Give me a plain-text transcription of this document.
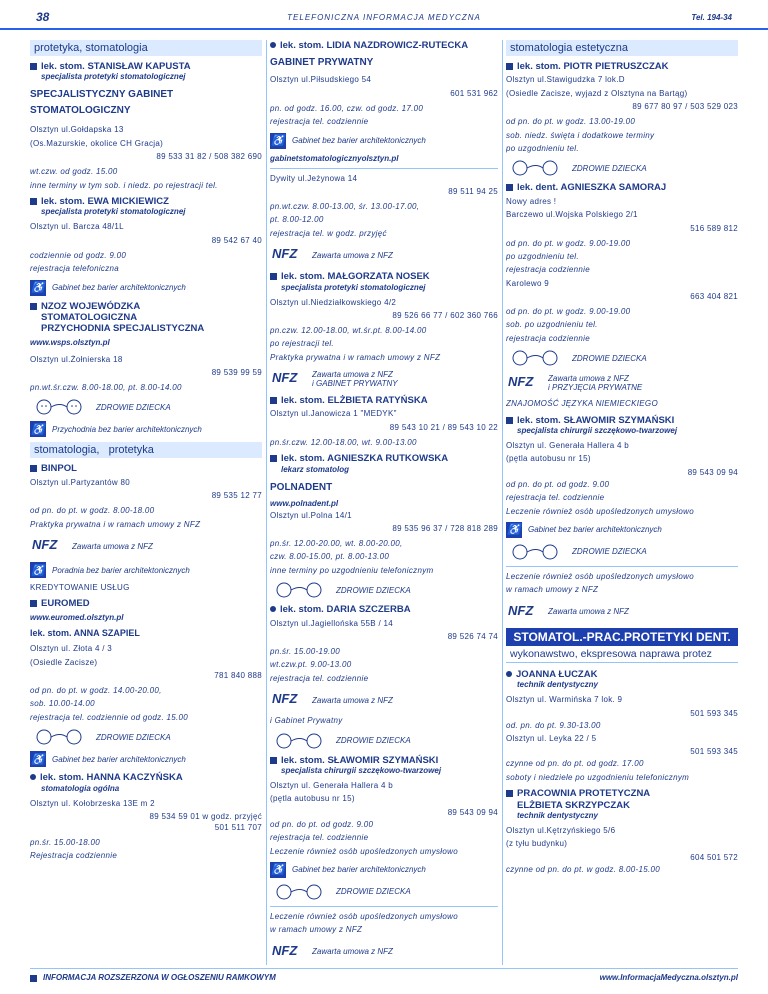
38	TELEFONICZNA INFORMACJA MEDYCZNA	Tel. 194-34
protetyka, stomatologia
lek. stom. STANISŁAW KAPUSTA
specjalista protetyki stomatologicznej
SPECJALISTYCZNY GABINET
STOMATOLOGICZNY
Olsztyn ul.Gołdapska 13
(Os.Mazurskie, okolice CH Gracja)
89 533 31 82 / 508 382 690
wt.czw. od godz. 15.00
inne terminy w tym sob. i niedz. po rejestracji tel.
lek. stom. EWA MICKIEWICZ
specjalista protetyki stomatologicznej
Olsztyn ul. Barcza 48/1L
89 542 67 40
codziennie od godz. 9.00
rejestracja telefoniczna
♿ Gabinet bez barier architektonicznych
NZOZ WOJEWÓDZKA
STOMATOLOGICZNA
PRZYCHODNIA SPECJALISTYCZNA
www.wsps.olsztyn.pl
Olsztyn ul.Żołnierska 18
89 539 99 59
pn.wt.śr.czw. 8.00-18.00, pt. 8.00-14.00
ZDROWIE DZIECKA
♿ Przychodnia bez barier architektonicznych
stomatologia, protetyka
BINPOL
Olsztyn ul.Partyzantów 80
89 535 12 77
od pn. do pt. w godz. 8.00-18.00
Praktyka prywatna i w ramach umowy z NFZ
NFZ Zawarta umowa z NFZ
♿ Poradnia bez barier architektonicznych
KREDYTOWANIE USŁUG
EUROMED
www.euromed.olsztyn.pl
lek. stom. ANNA SZAPIEL
Olsztyn ul. Złota 4 / 3
(Osiedle Zacisze)
781 840 888
od pn. do pt. w godz. 14.00-20.00,
sob. 10.00-14.00
rejestracja tel. codziennie od godz. 15.00
ZDROWIE DZIECKA
♿ Gabinet bez barier architektonicznych
lek. stom. HANNA KACZYŃSKA
stomatologia ogólna
Olsztyn ul. Kołobrzeska 13E m 2
89 534 59 01 w godz. przyjęć
501 511 707
pn.śr. 15.00-18.00
Rejestracja codziennie
lek. stom. LIDIA NAZDROWICZ-RUTECKA
GABINET PRYWATNY
Olsztyn ul.Piłsudskiego 54
601 531 962
pn. od godz. 16.00, czw. od godz. 17.00
rejestracja tel. codziennie
♿ Gabinet bez barier architektonicznych
gabinetstomatologicznyolsztyn.pl
Dywity ul.Jeżynowa 14
89 511 94 25
pn.wt.czw. 8.00-13.00, śr. 13.00-17.00,
pt. 8.00-12.00
rejestracja tel. w godz. przyjęć
NFZ Zawarta umowa z NFZ
lek. stom. MAŁGORZATA NOSEK
specjalista protetyki stomatologicznej
Olsztyn ul.Niedziałkowskiego 4/2
89 526 66 77 / 602 360 766
pn.czw. 12.00-18.00, wt.śr.pt. 8.00-14.00
po rejestracji tel.
Praktyka prywatna i w ramach umowy z NFZ
NFZ Zawarta umowa z NFZ
i GABINET PRYWATNY
lek. stom. ELŻBIETA RATYŃSKA
Olsztyn ul.Janowicza 1 "MEDYK"
89 543 10 21 / 89 543 10 22
pn.śr.czw. 12.00-18.00, wt. 9.00-13.00
lek. stom. AGNIESZKA RUTKOWSKA
lekarz stomatolog
POLNADENT
www.polnadent.pl
Olsztyn ul.Polna 14/1
89 535 96 37 / 728 818 289
pn.śr. 12.00-20.00, wt. 8.00-20.00,
czw. 8.00-15.00, pt. 8.00-13.00
inne terminy po uzgodnieniu telefonicznym
ZDROWIE DZIECKA
lek. stom. DARIA SZCZERBA
Olsztyn ul.Jagiellońska 55B / 14
89 526 74 74
pn.śr. 15.00-19.00
wt.czw.pt. 9.00-13.00
rejestracja tel. codziennie
NFZ Zawarta umowa z NFZ
i Gabinet Prywatny
ZDROWIE DZIECKA
lek. stom. SŁAWOMIR SZYMAŃSKI
specjalista chirurgii szczękowo-twarzowej
Olsztyn ul. Generała Hallera 4 b
(pętla autobusu nr 15)
89 543 09 94
od pn. do pt. od godz. 9.00
rejestracja tel. codziennie
Leczenie również osób upośledzonych umysłowo
♿ Gabinet bez barier architektonicznych
ZDROWIE DZIECKA
Leczenie również osób upośledzonych umysłowo
w ramach umowy z NFZ
NFZ Zawarta umowa z NFZ
stomatologia estetyczna
lek. stom. PIOTR PIETRUSZCZAK
Olsztyn ul.Stawigudzka 7 lok.D
(Osiedle Zacisze, wyjazd z Olsztyna na Bartąg)
89 677 80 97 / 503 529 023
od pn. do pt. w godz. 13.00-19.00
sob. niedz. święta i dodatkowe terminy
po uzgodnieniu tel.
ZDROWIE DZIECKA
lek. dent. AGNIESZKA SAMORAJ
Nowy adres !
Barczewo ul.Wojska Polskiego 2/1
516 589 812
od pn. do pt. w godz. 9.00-19.00
po uzgodnieniu tel.
rejestracja codziennie
Karolewo 9
663 404 821
od pn. do pt. w godz. 9.00-19.00
sob. po uzgodnieniu tel.
rejestracja codziennie
ZDROWIE DZIECKA
NFZ Zawarta umowa z NFZ
i PRZYJĘCIA PRYWATNE
ZNAJOMOŚĆ JĘZYKA NIEMIECKIEGO
lek. stom. SŁAWOMIR SZYMAŃSKI
specjalista chirurgii szczękowo-twarzowej
Olsztyn ul. Generała Hallera 4 b
(pętla autobusu nr 15)
89 543 09 94
od pn. do pt. od godz. 9.00
rejestracja tel. codziennie
Leczenie również osób upośledzonych umysłowo
♿ Gabinet bez barier architektonicznych
ZDROWIE DZIECKA
Leczenie również osób upośledzonych umysłowo
w ramach umowy z NFZ
NFZ Zawarta umowa z NFZ
STOMATOL.-PRAC.PROTETYKI DENT.
wykonawstwo, ekspresowa naprawa protez
JOANNA ŁUCZAK
technik dentystyczny
Olsztyn ul. Warmińska 7 lok. 9
501 593 345
od. pn. do pt. 9.30-13.00
Olsztyn ul. Leyka 22 / 5
501 593 345
czynne od pn. do pt. od godz. 17.00
soboty i niedziele po uzgodnieniu telefonicznym
PRACOWNIA PROTETYCZNA
ELŻBIETA SKRZYPCZAK
technik dentystyczny
Olsztyn ul.Kętrzyńskiego 5/6
(z tyłu budynku)
604 501 572
czynne od pn. do pt. w godz. 8.00-15.00
INFORMACJA ROZSZERZONA W OGŁOSZENIU RAMKOWYM	www.InformacjaMedyczna.olsztyn.pl
